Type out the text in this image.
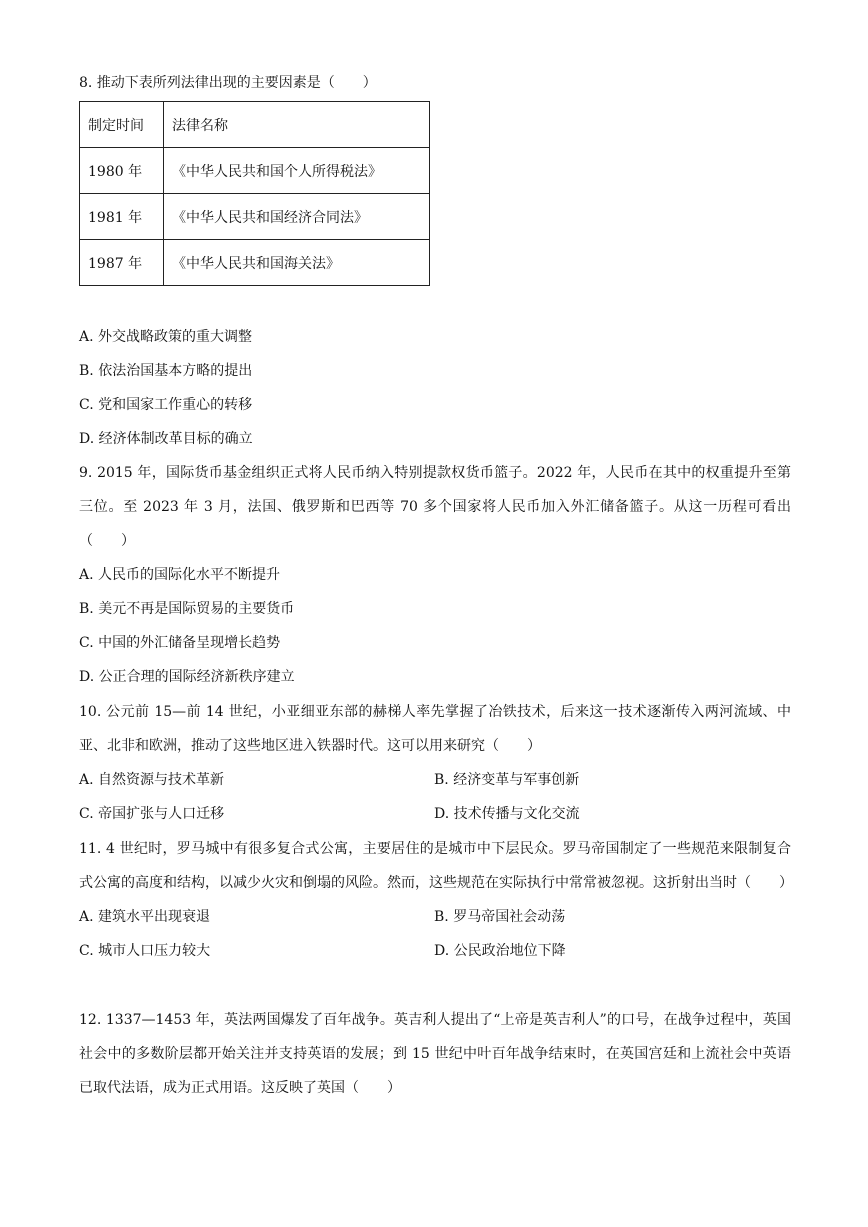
8. 推动下表所列法律出现的主要因素是（　　）

制定时间	法律名称
1980 年	《中华人民共和国个人所得税法》
1981 年	《中华人民共和国经济合同法》
1987 年	《中华人民共和国海关法》
A. 外交战略政策的重大调整
B. 依法治国基本方略的提出
C. 党和国家工作重心的转移
D. 经济体制改革目标的确立

9. 2015 年，国际货币基金组织正式将人民币纳入特别提款权货币篮子。2022 年，人民币在其中的权重提升至第三位。至 2023 年 3 月，法国、俄罗斯和巴西等 70 多个国家将人民币加入外汇储备篮子。从这一历程可看出（　　）

A. 人民币的国际化水平不断提升
B. 美元不再是国际贸易的主要货币
C. 中国的外汇储备呈现增长趋势
D. 公正合理的国际经济新秩序建立

10. 公元前 15—前 14 世纪，小亚细亚东部的赫梯人率先掌握了冶铁技术，后来这一技术逐渐传入两河流域、中亚、北非和欧洲，推动了这些地区进入铁器时代。这可以用来研究（　　）

A. 自然资源与技术革新	B. 经济变革与军事创新
C. 帝国扩张与人口迁移	D. 技术传播与文化交流

11. 4 世纪时，罗马城中有很多复合式公寓，主要居住的是城市中下层民众。罗马帝国制定了一些规范来限制复合式公寓的高度和结构，以减少火灾和倒塌的风险。然而，这些规范在实际执行中常常被忽视。这折射出当时（　　）

A. 建筑水平出现衰退	B. 罗马帝国社会动荡
C. 城市人口压力较大	D. 公民政治地位下降

12. 1337—1453 年，英法两国爆发了百年战争。英吉利人提出了“上帝是英吉利人”的口号，在战争过程中，英国社会中的多数阶层都开始关注并支持英语的发展；到 15 世纪中叶百年战争结束时，在英国宫廷和上流社会中英语已取代法语，成为正式用语。这反映了英国（　　）
